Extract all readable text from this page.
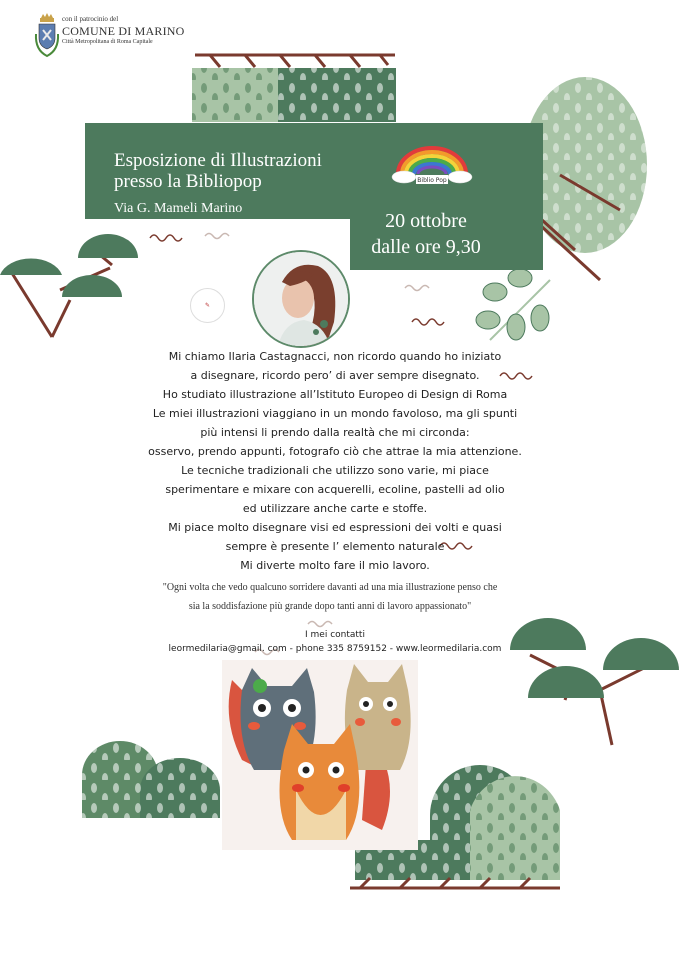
con il patrocinio del
COMUNE DI MARINO
Città Metropolitana di Roma Capitale
Esposizione di Illustrazioni
presso la Bibliopop
Via G. Mameli Marino
20 ottobre
dalle ore 9,30
Biblio Pop
✎

Mi chiamo Ilaria Castagnacci, non ricordo quando ho iniziato

a disegnare, ricordo pero’ di aver sempre disegnato.

Ho studiato illustrazione all’Istituto Europeo di Design di Roma

Le miei illustrazioni viaggiano in un mondo favoloso, ma gli spunti

più intensi li prendo dalla realtà che mi circonda:

osservo, prendo appunti, fotografo ciò che attrae la mia attenzione.

Le tecniche tradizionali che utilizzo sono varie, mi piace

sperimentare e mixare con acquerelli, ecoline, pastelli ad olio

ed utilizzare anche carte e stoffe.

Mi piace molto disegnare visi ed espressioni dei volti e quasi

sempre è presente l’ elemento naturale

Mi diverte molto fare il mio lavoro.

"Ogni volta che vedo qualcuno sorridere davanti ad una mia illustrazione penso che

sia la soddisfazione più grande dopo tanti anni di lavoro appassionato"

I mei contatti
leormedilaria@gmail. com - phone 335 8759152 - www.leormedilaria.com
